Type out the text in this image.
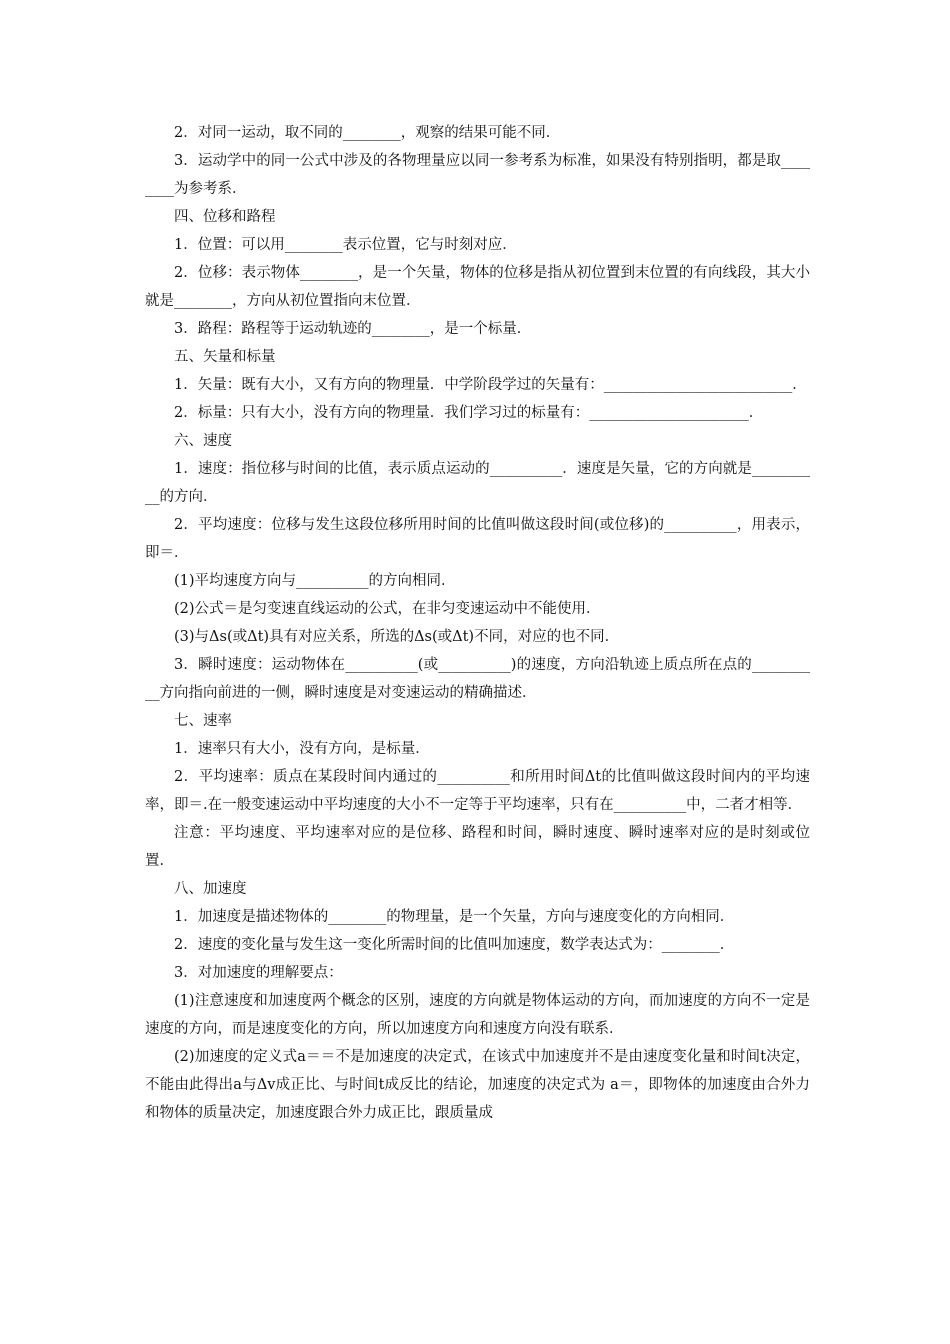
2．对同一运动，取不同的________，观察的结果可能不同．

3．运动学中的同一公式中涉及的各物理量应以同一参考系为标准，如果没有特别指明，都是取________为参考系．

四、位移和路程

1．位置：可以用________表示位置，它与时刻对应．

2．位移：表示物体________，是一个矢量，物体的位移是指从初位置到末位置的有向线段，其大小就是________，方向从初位置指向末位置．

3．路程：路程等于运动轨迹的________，是一个标量．

五、矢量和标量

1．矢量：既有大小，又有方向的物理量．中学阶段学过的矢量有：__________________________．

2．标量：只有大小，没有方向的物理量．我们学习过的标量有：______________________．

六、速度

1．速度：指位移与时间的比值，表示质点运动的__________．速度是矢量，它的方向就是__________的方向．

2．平均速度：位移与发生这段位移所用时间的比值叫做这段时间(或位移)的__________，用表示，即＝．

(1)平均速度方向与__________的方向相同．

(2)公式＝是匀变速直线运动的公式，在非匀变速运动中不能使用．

(3)与Δs(或Δt)具有对应关系，所选的Δs(或Δt)不同，对应的也不同．

3．瞬时速度：运动物体在__________(或__________)的速度，方向沿轨迹上质点所在点的__________方向指向前进的一侧，瞬时速度是对变速运动的精确描述．

七、速率

1．速率只有大小，没有方向，是标量．

2．平均速率：质点在某段时间内通过的__________和所用时间Δt的比值叫做这段时间内的平均速率，即＝.在一般变速运动中平均速度的大小不一定等于平均速率，只有在__________中，二者才相等．

注意：平均速度、平均速率对应的是位移、路程和时间，瞬时速度、瞬时速率对应的是时刻或位置．

八、加速度

1．加速度是描述物体的________的物理量，是一个矢量，方向与速度变化的方向相同．

2．速度的变化量与发生这一变化所需时间的比值叫加速度，数学表达式为：________．

3．对加速度的理解要点：

(1)注意速度和加速度两个概念的区别，速度的方向就是物体运动的方向，而加速度的方向不一定是速度的方向，而是速度变化的方向，所以加速度方向和速度方向没有联系．

(2)加速度的定义式a＝＝不是加速度的决定式，在该式中加速度并不是由速度变化量和时间t决定，不能由此得出a与Δv成正比、与时间t成反比的结论，加速度的决定式为 a＝，即物体的加速度由合外力和物体的质量决定，加速度跟合外力成正比，跟质量成
